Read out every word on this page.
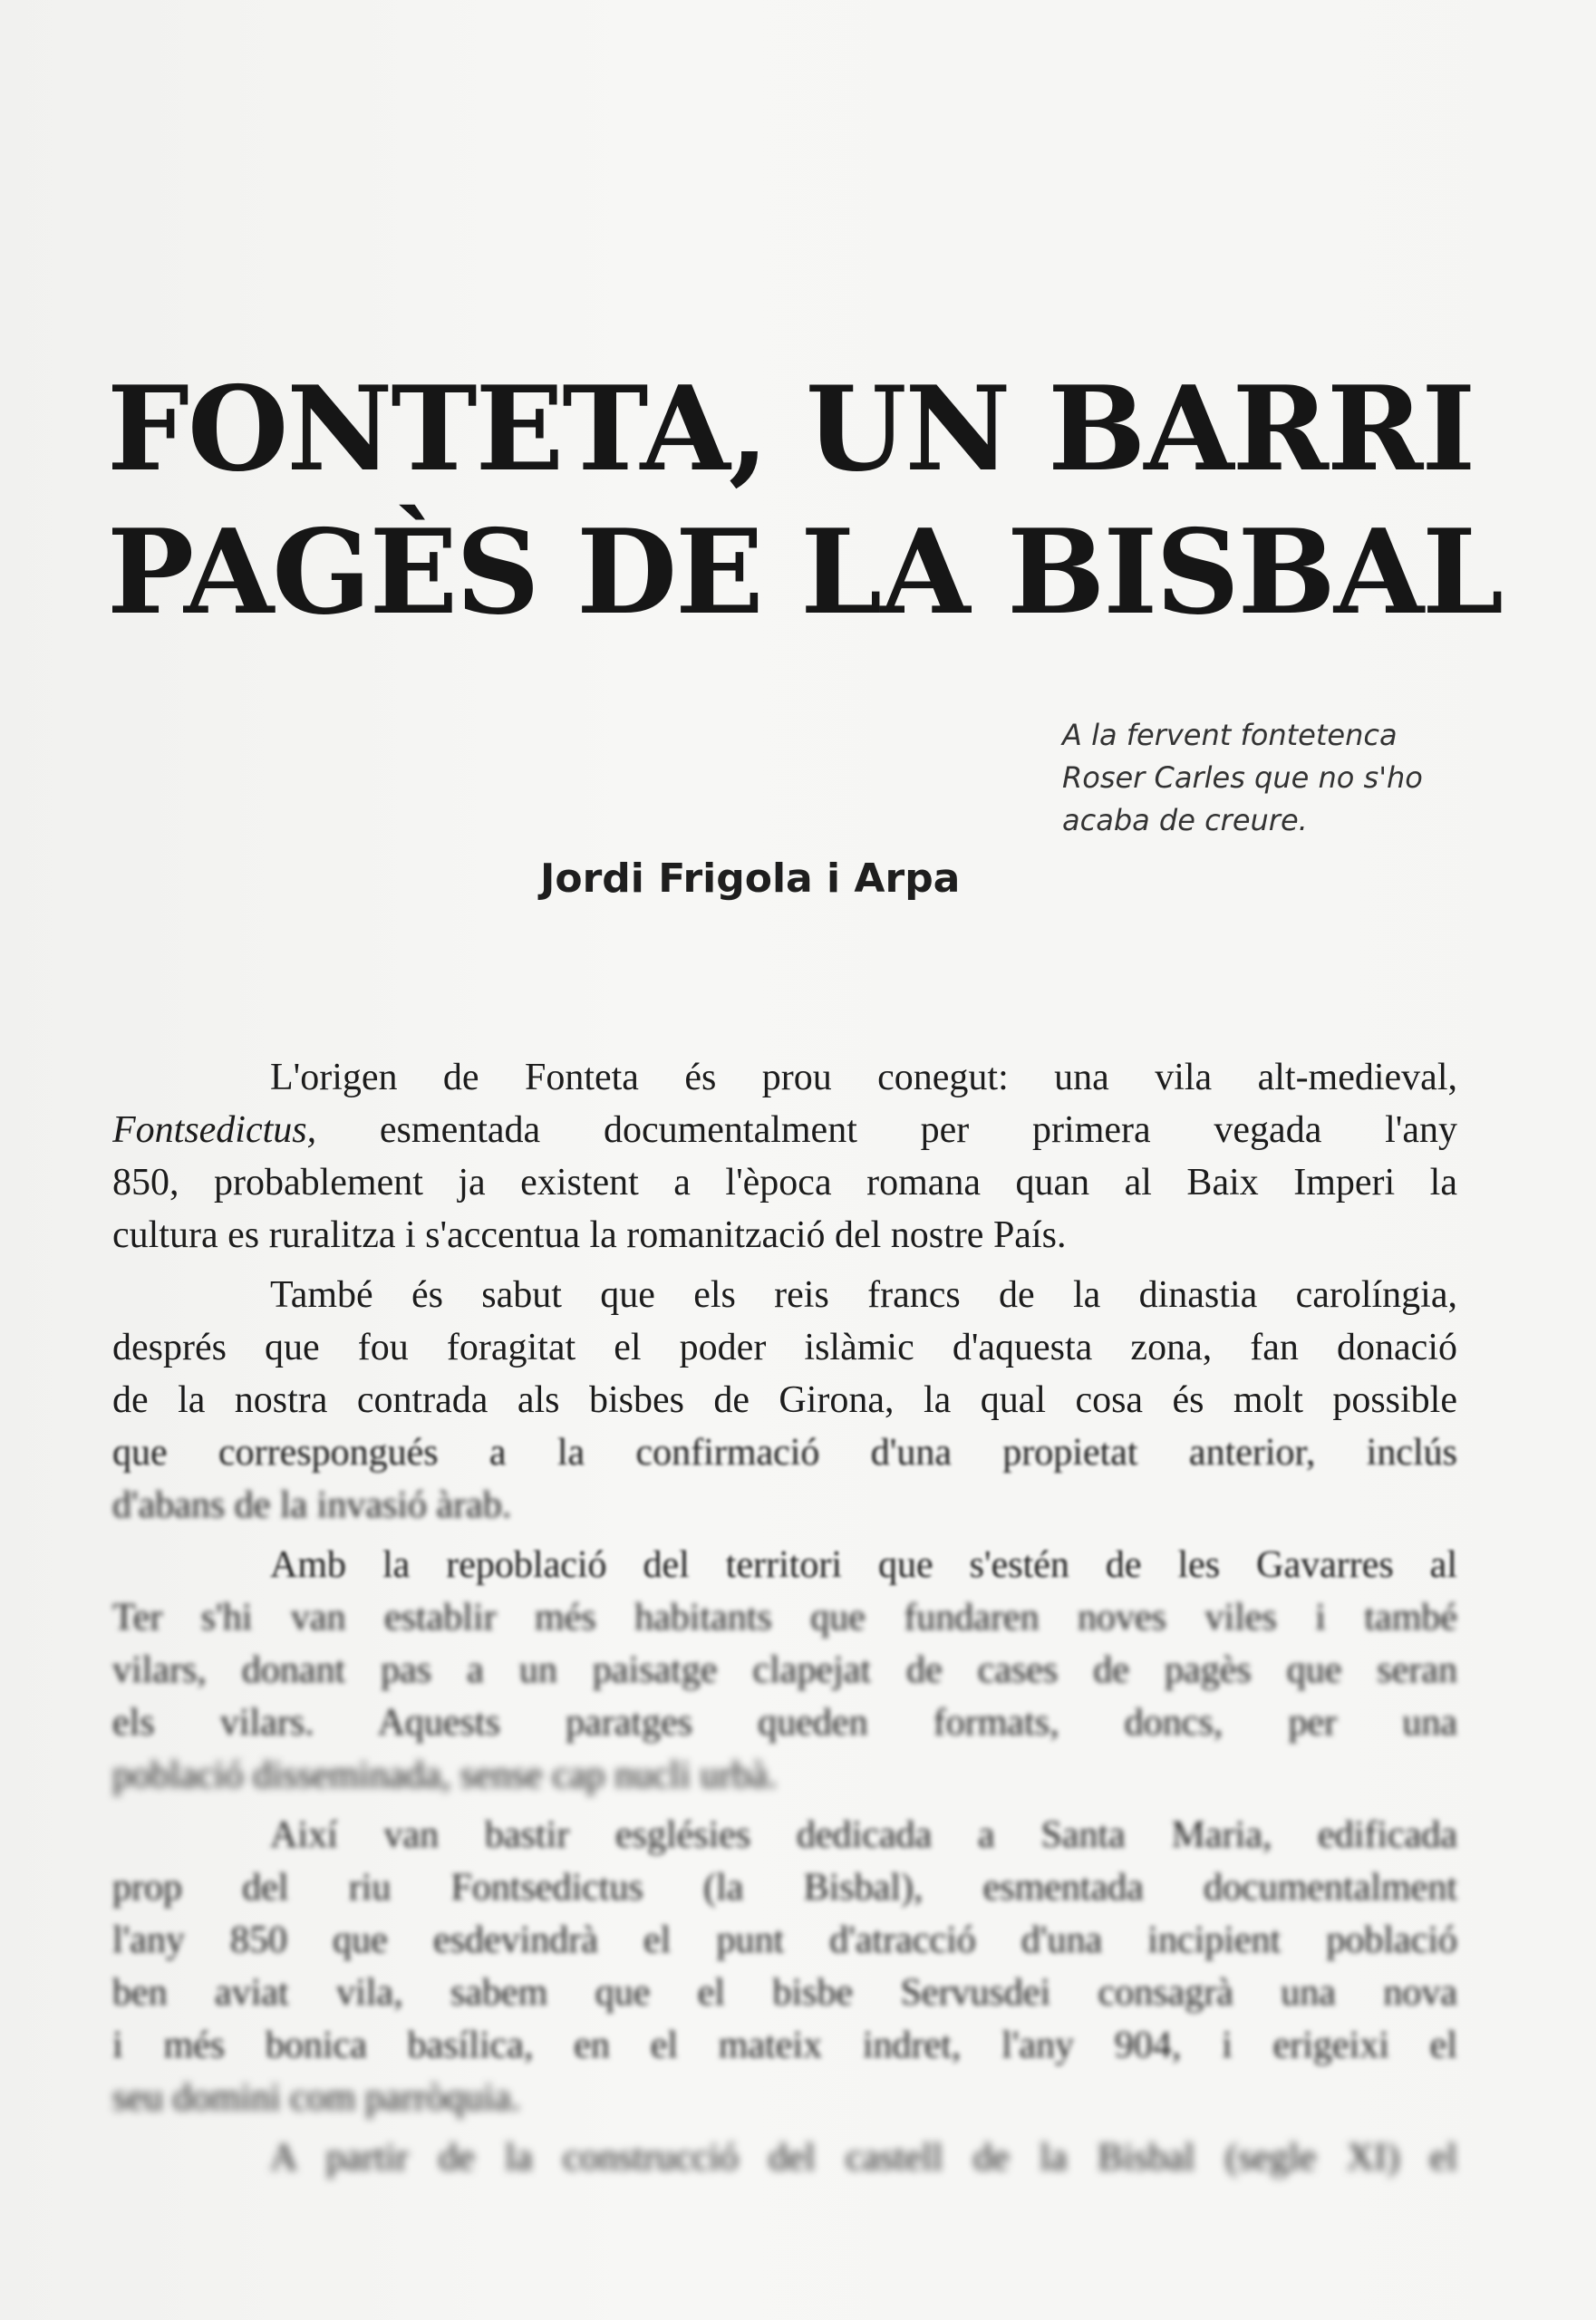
FONTETA, UN BARRI
PAGÈS DE LA BISBAL
A la fervent fontetenca
Roser Carles que no s'ho
acaba de creure.
Jordi Frigola i Arpa
L'origen de Fonteta és prou conegut: una vila alt-medieval,
Fontsedictus, esmentada documentalment per primera vegada l'any
850, probablement ja existent a l'època romana quan al Baix Imperi la
cultura es ruralitza i s'accentua la romanització del nostre País.
També és sabut que els reis francs de la dinastia carolíngia,
després que fou foragitat el poder islàmic d'aquesta zona, fan donació
de la nostra contrada als bisbes de Girona, la qual cosa és molt possible
que correspongués a la confirmació d'una propietat anterior, inclús
d'abans de la invasió àrab.
Amb la repoblació del territori que s'estén de les Gavarres al
Ter s'hi van establir més habitants que fundaren noves viles i també
vilars, donant pas a un paisatge clapejat de cases de pagès que seran
els vilars. Aquests paratges queden formats, doncs, per una
població disseminada, sense cap nucli urbà.
Així van bastir esglésies dedicada a Santa Maria, edificada
prop del riu Fontsedictus (la Bisbal), esmentada documentalment
l'any 850 que esdevindrà el punt d'atracció d'una incipient població
ben aviat vila, sabem que el bisbe Servusdei consagrà una nova
i més bonica basílica, en el mateix indret, l'any 904, i erigeixi el
seu domini com parròquia.
A partir de la construcció del castell de la Bisbal (segle XI) el
